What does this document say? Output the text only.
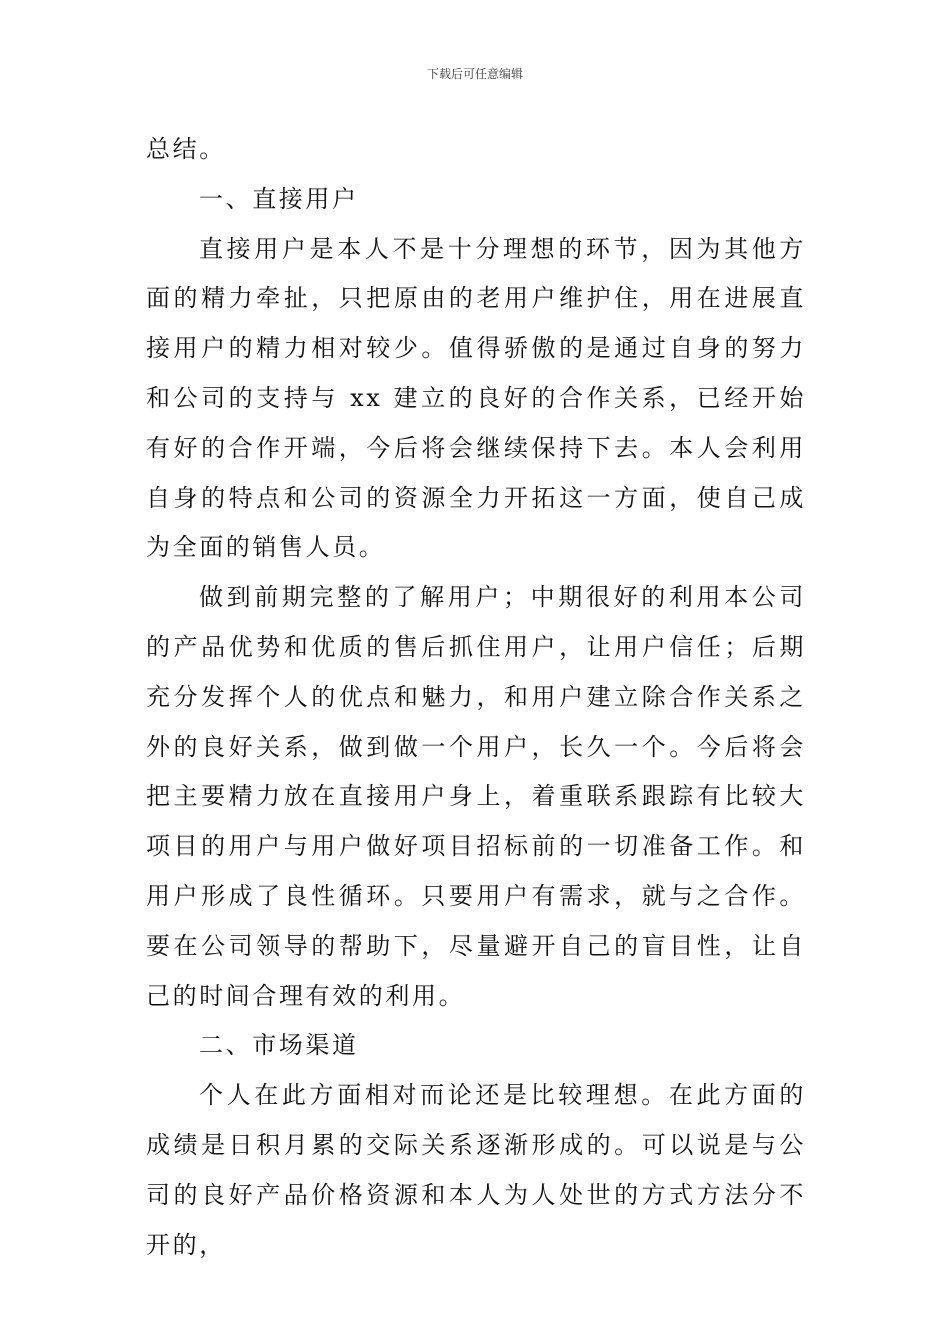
下载后可任意编辑

总结。

一、直接用户

直接用户是本人不是十分理想的环节，因为其他方面的精力牵扯，只把原由的老用户维护住，用在进展直接用户的精力相对较少。值得骄傲的是通过自身的努力和公司的支持与 xx 建立的良好的合作关系，已经开始有好的合作开端，今后将会继续保持下去。本人会利用自身的特点和公司的资源全力开拓这一方面，使自己成为全面的销售人员。

做到前期完整的了解用户；中期很好的利用本公司的产品优势和优质的售后抓住用户，让用户信任；后期充分发挥个人的优点和魅力，和用户建立除合作关系之外的良好关系，做到做一个用户，长久一个。今后将会把主要精力放在直接用户身上，着重联系跟踪有比较大项目的用户与用户做好项目招标前的一切准备工作。和用户形成了良性循环。只要用户有需求，就与之合作。要在公司领导的帮助下，尽量避开自己的盲目性，让自己的时间合理有效的利用。

二、市场渠道

个人在此方面相对而论还是比较理想。在此方面的成绩是日积月累的交际关系逐渐形成的。可以说是与公司的良好产品价格资源和本人为人处世的方式方法分不开的，
